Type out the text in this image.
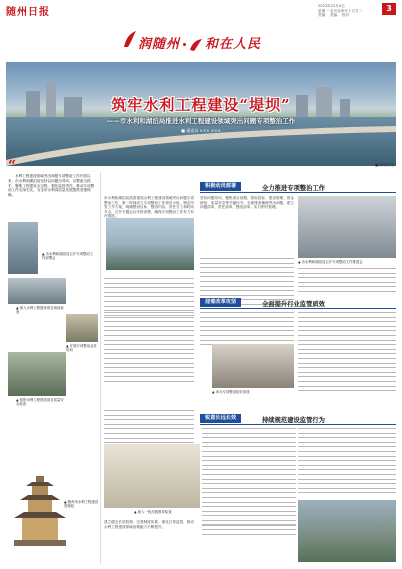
随州日报
2023年12月4日
星期一 农历癸卯年十月廿二
责编： 美编： 校对：
3
润随州 和在人民
筑牢水利工程建设“堤坝”
——市水利和湖泊局推进水利工程建设领域突出问题专项整治工作
■ 通讯员 ××× ×××
■ 图说筑堤
“
水利工程建设领域突出问题专项整治工作开展以来，市水利和湖泊局坚持以问题为导向，以整改为抓手，聚焦工程建设全过程，强化监管责任，推动专项整治工作走深走实，为全市水利高质量发展提供坚强保障。
▲ 市水利和湖泊局召开专项整治工作部署会
▲ 深入水利工程建设项目现场检查
▲ 开展专项整治业务培训
▲ 组织水利工程建设项目质量安全检查
▲ 随州市水利工程建设管理局
积极动员部署	全力推进专项整治工作
市水利和湖泊局高度重视水利工程建设领域突出问题专项整治工作，第一时间成立专项整治工作领导小组，制定印发工作方案，明确整治目标、整治内容、责任分工和时间节点，召开专题会议安排部署，确保专项整治工作有力有序推进。
坚持问题导向，聚焦项目前期、招标投标、建设管理、资金使用、质量安全等关键环节，全面排查梳理突出问题，建立问题清单、责任清单、整改清单，实行销号管理。
▲ 市水利和湖泊局召开专项整治工作推进会
迎着改革攻坚	全面提升行业监管质效
▲ 举办专项整治知识讲座
锐意长远长效	持续规范建设监管行为
▲ 深入一线开展督导检查
建立健全长效机制，完善制度体系，强化日常监管，推动水利工程建设领域治理能力不断提升。
